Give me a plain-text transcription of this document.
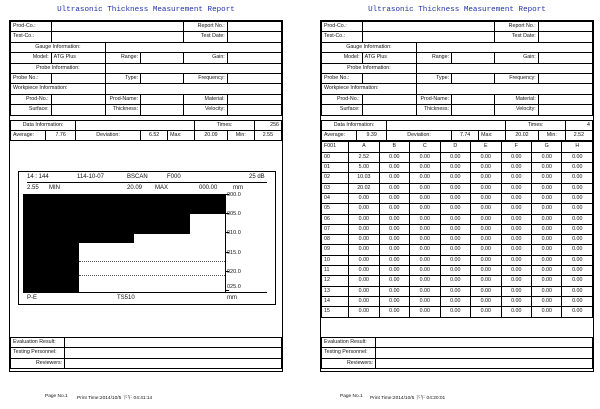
Ultrasonic Thickness Measurement Report
Prod-Co.:				Report No.:	
Test-Co.:				Test Date:	
Gauge Information:					
Model:	ATG Plus	Range:		Gain:	
Probe Information:					
Probe No.:		Type:		Frequency:	
Workpiece Information:					
Prod-No.:		Prod-Name:		Material:	
Surface:		Thickness:		Velocity:	
Data Information:					Times:		256
Average:	7.76	Deviation:	6.52	Max:	20.09	Min:	2.55
14 : 144	114-10-07	BSCAN	F000	25 dB
2.55 MIN	20.09 MAX	000.00	mm
000.0
005.0
010.0
015.0
020.0
025.0
P-E	TS510	mm
Evaluation Result:	
Testing Personnel:	
Reviewers:	
Page No.1 Print Time:2014/10/5 下午 04:41:14
Ultrasonic Thickness Measurement Report
Prod-Co.:				Report No.:	
Test-Co.:				Test Date:	
Gauge Information:					
Model:	ATG Plus	Range:		Gain:	
Probe Information:					
Probe No.:		Type:		Frequency:	
Workpiece Information:					
Prod-No.:		Prod-Name:		Material:	
Surface:		Thickness:		Velocity:	
Data Information:					Times:		4
Average:	9.39	Deviation:	7.74	Max:	20.02	Min:	2.52
F001	A	B	C	D	E	F	G	H
00	2.52	0.00	0.00	0.00	0.00	0.00	0.00	0.00
01	5.00	0.00	0.00	0.00	0.00	0.00	0.00	0.00
02	10.03	0.00	0.00	0.00	0.00	0.00	0.00	0.00
03	20.02	0.00	0.00	0.00	0.00	0.00	0.00	0.00
04	0.00	0.00	0.00	0.00	0.00	0.00	0.00	0.00
05	0.00	0.00	0.00	0.00	0.00	0.00	0.00	0.00
06	0.00	0.00	0.00	0.00	0.00	0.00	0.00	0.00
07	0.00	0.00	0.00	0.00	0.00	0.00	0.00	0.00
08	0.00	0.00	0.00	0.00	0.00	0.00	0.00	0.00
09	0.00	0.00	0.00	0.00	0.00	0.00	0.00	0.00
10	0.00	0.00	0.00	0.00	0.00	0.00	0.00	0.00
11	0.00	0.00	0.00	0.00	0.00	0.00	0.00	0.00
12	0.00	0.00	0.00	0.00	0.00	0.00	0.00	0.00
13	0.00	0.00	0.00	0.00	0.00	0.00	0.00	0.00
14	0.00	0.00	0.00	0.00	0.00	0.00	0.00	0.00
15	0.00	0.00	0.00	0.00	0.00	0.00	0.00	0.00
Evaluation Result:	
Testing Personnel:	
Reviewers:	
Page No.1 Print Time:2014/10/5 下午 04:20:01
